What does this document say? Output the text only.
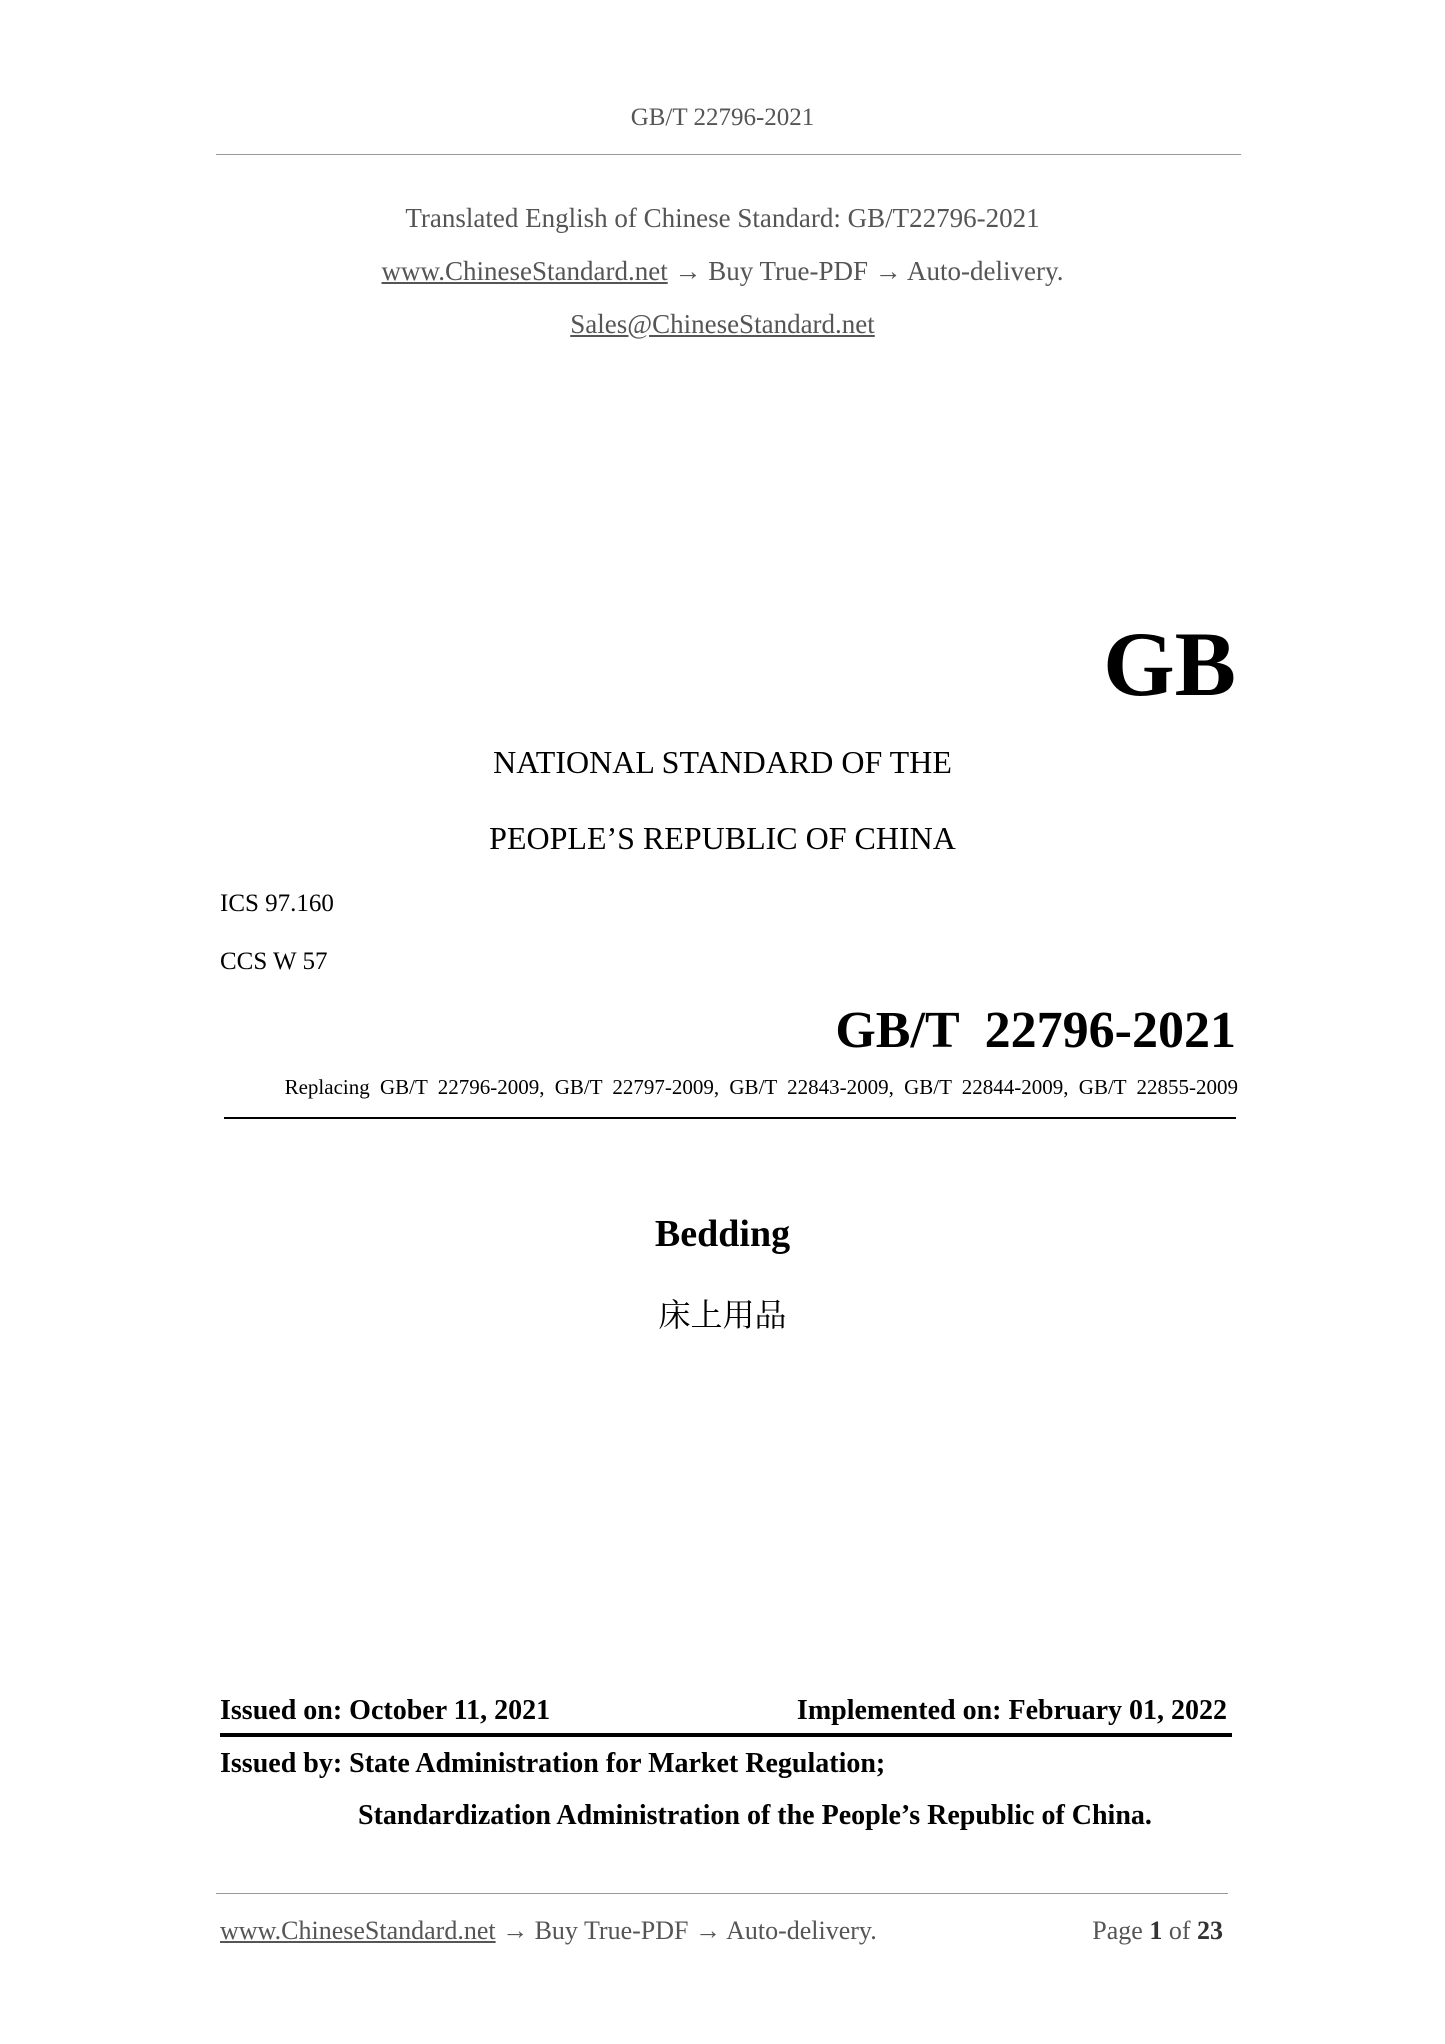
GB/T 22796-2021
Translated English of Chinese Standard: GB/T22796-2021
www.ChineseStandard.net → Buy True-PDF → Auto-delivery.
Sales@ChineseStandard.net
GB
NATIONAL STANDARD OF THE
PEOPLE’S REPUBLIC OF CHINA
ICS 97.160
CCS W 57
GB/T  22796-2021
Replacing GB/T 22796-2009, GB/T 22797-2009, GB/T 22843-2009, GB/T 22844-2009, GB/T 22855-2009
Bedding
床上用品
Issued on: October 11, 2021	Implemented on: February 01, 2022
Issued by: State Administration for Market Regulation;
Standardization Administration of the People’s Republic of China.
www.ChineseStandard.net → Buy True-PDF → Auto-delivery.	Page 1 of 23
